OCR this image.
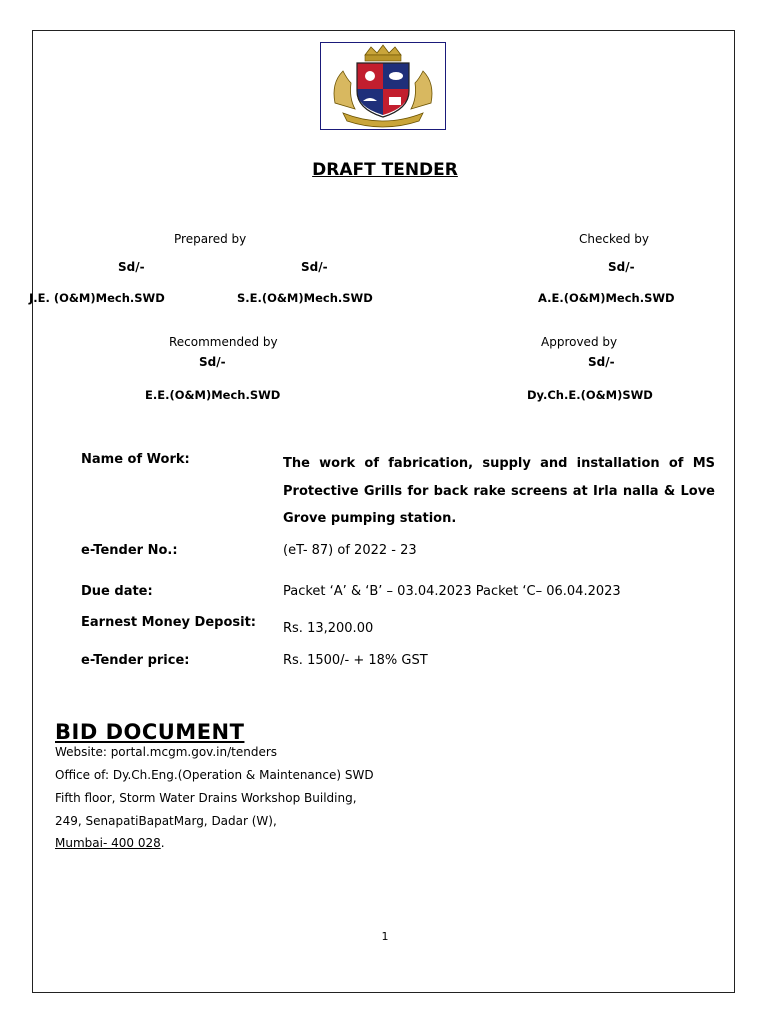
DRAFT TENDER
Prepared by	Checked by
Sd/-	Sd/-	Sd/-
J.E. (O&M)Mech.SWD	S.E.(O&M)Mech.SWD	A.E.(O&M)Mech.SWD
Recommended by	Approved by
Sd/-	Sd/-
E.E.(O&M)Mech.SWD	Dy.Ch.E.(O&M)SWD
Name of Work:	The work of fabrication, supply and installation of MS Protective Grills for back rake screens at Irla nalla & Love Grove pumping station.
e-Tender No.:	(eT- 87) of 2022 - 23
Due date:	Packet ‘A’ & ‘B’ – 03.04.2023 Packet ‘C– 06.04.2023
Earnest Money Deposit: Rs. 13,200.00
e-Tender price:	Rs. 1500/- + 18% GST
BID DOCUMENT
Website: portal.mcgm.gov.in/tenders
Office of: Dy.Ch.Eng.(Operation & Maintenance) SWD
Fifth floor, Storm Water Drains Workshop Building,
249, SenapatiBapatMarg, Dadar (W),
Mumbai- 400 028.
1
